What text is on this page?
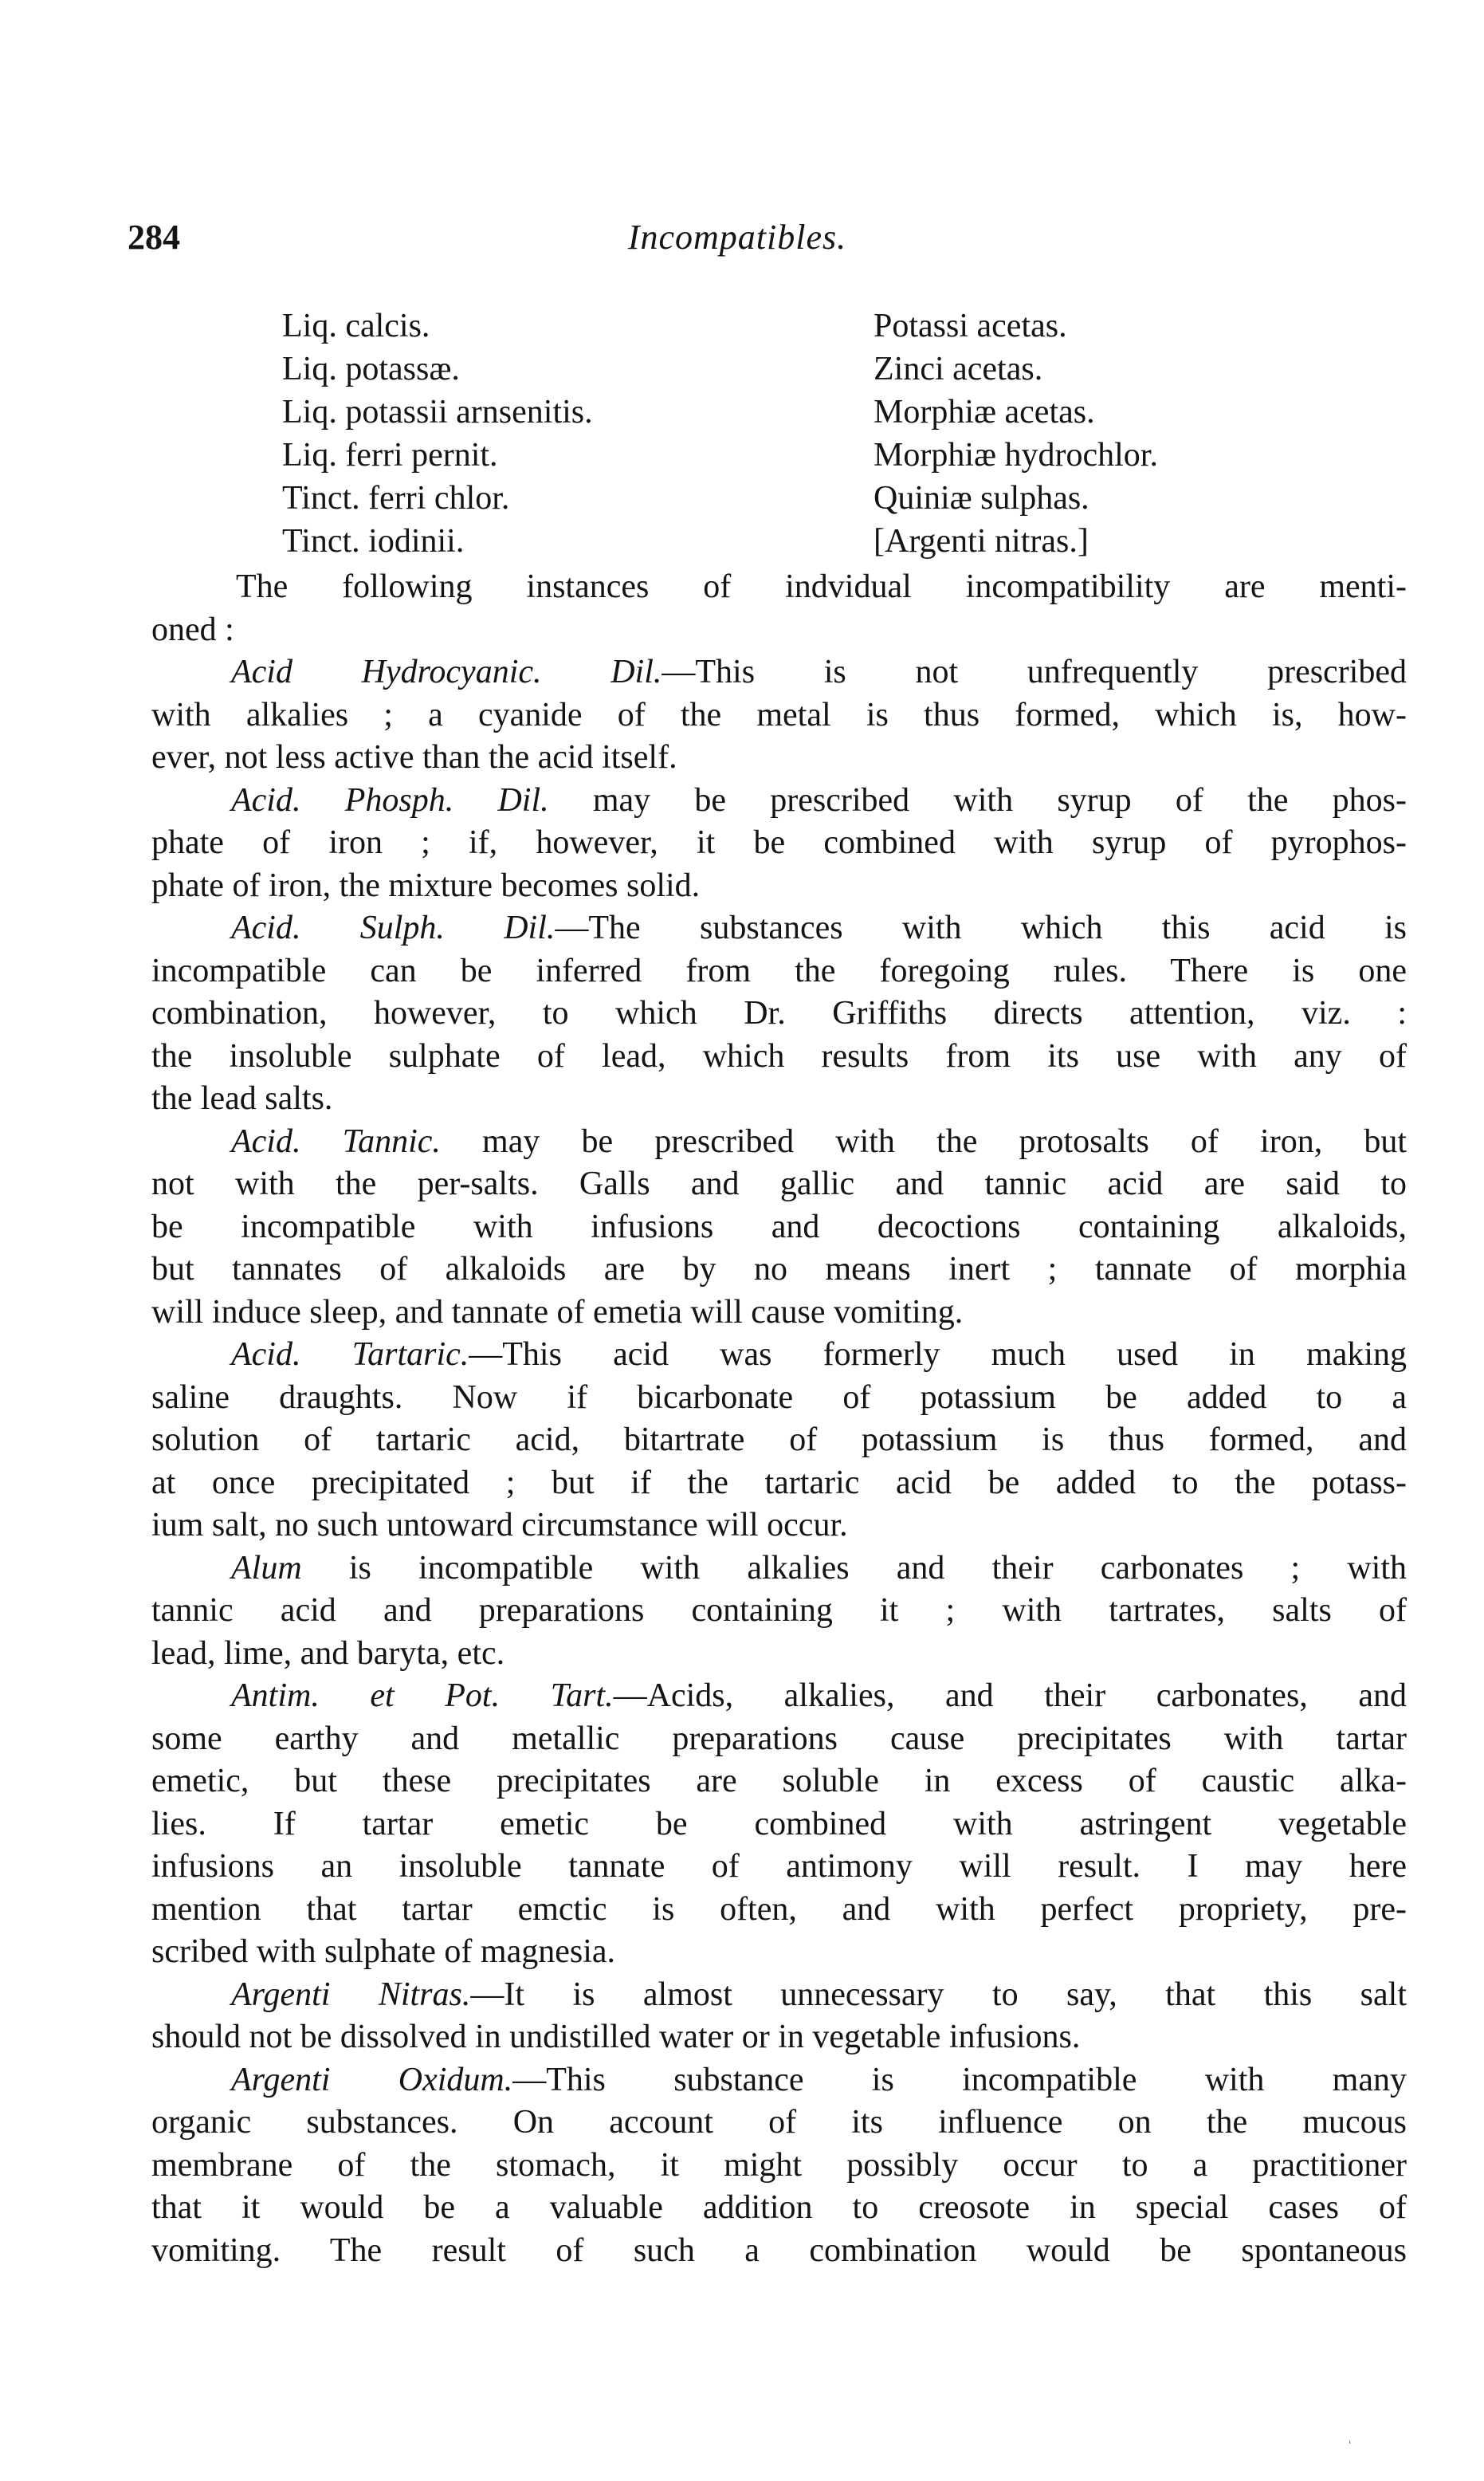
284	Incompatibles.
Liq. calcis.	Potassi acetas.
Liq. potassæ.	Zinci acetas.
Liq. potassii arnsenitis.	Morphiæ acetas.
Liq. ferri pernit.	Morphiæ hydrochlor.
Tinct. ferri chlor.	Quiniæ sulphas.
Tinct. iodinii.	[Argenti nitras.]

The following instances of indvidual incompatibility are menti-
oned :

Acid Hydrocyanic. Dil.—This is not unfrequently prescribed
with alkalies ; a cyanide of the metal is thus formed, which is, how-
ever, not less active than the acid itself.

Acid. Phosph. Dil. may be prescribed with syrup of the phos-
phate of iron ; if, however, it be combined with syrup of pyrophos-
phate of iron, the mixture becomes solid.

Acid. Sulph. Dil.—The substances with which this acid is
incompatible can be inferred from the foregoing rules. There is one
combination, however, to which Dr. Griffiths directs attention, viz. :
the insoluble sulphate of lead, which results from its use with any of
the lead salts.

Acid. Tannic. may be prescribed with the protosalts of iron, but
not with the per-salts. Galls and gallic and tannic acid are said to
be incompatible with infusions and decoctions containing alkaloids,
but tannates of alkaloids are by no means inert ; tannate of morphia
will induce sleep, and tannate of emetia will cause vomiting.

Acid. Tartaric.—This acid was formerly much used in making
saline draughts. Now if bicarbonate of potassium be added to a
solution of tartaric acid, bitartrate of potassium is thus formed, and
at once precipitated ; but if the tartaric acid be added to the potass-
ium salt, no such untoward circumstance will occur.

Alum is incompatible with alkalies and their carbonates ; with
tannic acid and preparations containing it ; with tartrates, salts of
lead, lime, and baryta, etc.

Antim. et Pot. Tart.—Acids, alkalies, and their carbonates, and
some earthy and metallic preparations cause precipitates with tartar
emetic, but these precipitates are soluble in excess of caustic alka-
lies. If tartar emetic be combined with astringent vegetable
infusions an insoluble tannate of antimony will result. I may here
mention that tartar emctic is often, and with perfect propriety, pre-
scribed with sulphate of magnesia.

Argenti Nitras.—It is almost unnecessary to say, that this salt
should not be dissolved in undistilled water or in vegetable infusions.

Argenti Oxidum.—This substance is incompatible with many
organic substances. On account of its influence on the mucous
membrane of the stomach, it might possibly occur to a practitioner
that it would be a valuable addition to creosote in special cases of
vomiting. The result of such a combination would be spontaneous

ˌ
